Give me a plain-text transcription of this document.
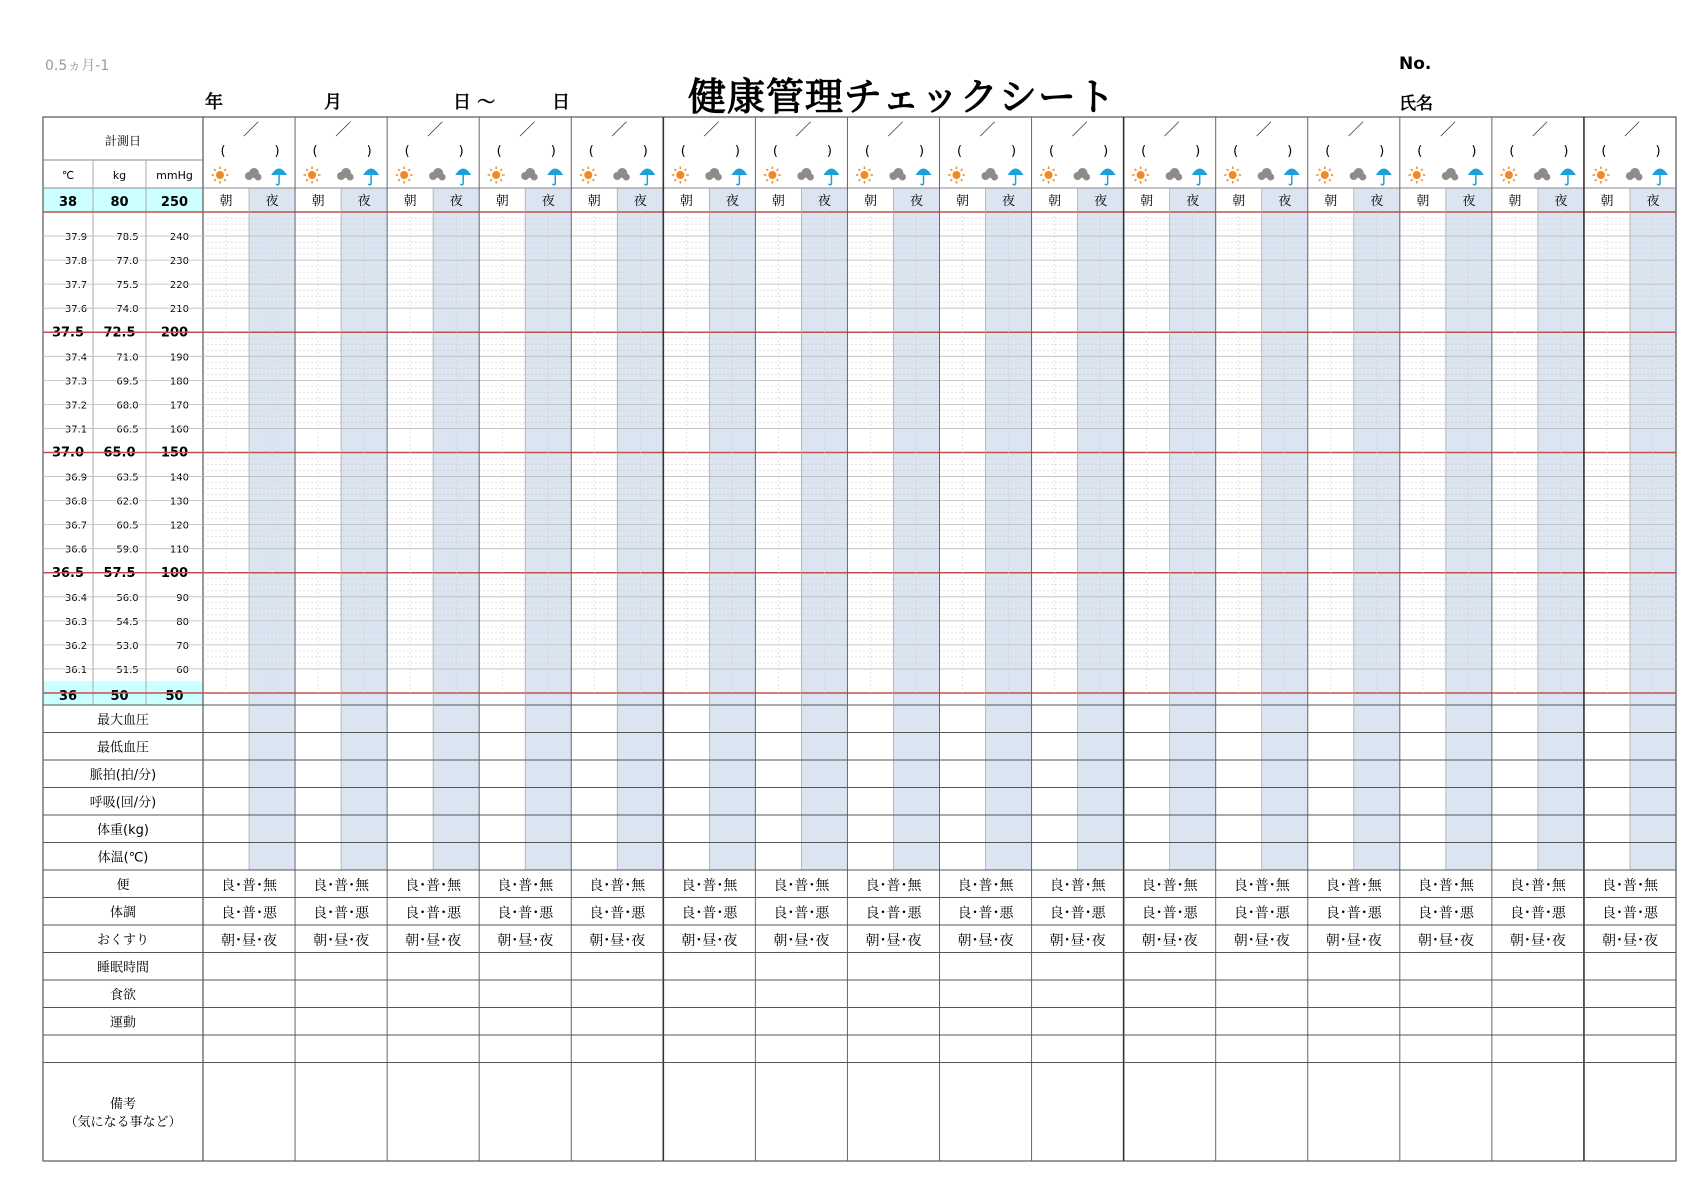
0.5ヵ月-1
年	月	日 〜	日	健康管理チェックシート
No.
氏名
計測日
℃	kg	mmHg
38	80 250
37.9	78.5	240
37.8	77.0	230
37.7	75.5	220
37.6	74.0	210
37.5 72.5 200
37.4	71.0	190
37.3	69.5	180
37.2	68.0	170
37.1	66.5	160
37.0 65.0 150
36.9	63.5	140
36.8	62.0	130
36.7	60.5	120
36.6	59.0	110
36.5 57.5 100
36.4	56.0	90
36.3	54.5	80
36.2	53.0	70
36.1	51.5	60
36	50	50
／
(	)
朝	夜
／
(	)
朝	夜
／
(	)
朝	夜
／
(	)
朝	夜
／
(	)
朝	夜
／
(	)
朝	夜
／
(	)
朝	夜
／
(	)
朝	夜
／
(	)
朝	夜
／
(	)
朝	夜
／
(	)
朝	夜
／
(	)
朝	夜
／
(	)
朝	夜
／
(	)
朝	夜
／
(	)
朝	夜
／
(	)
朝	夜
最大血圧
最低血圧
脈拍(拍/分)
呼吸(回/分)
体重(kg)
体温(℃)
便	良･普･無	良･普･無	良･普･無	良･普･無	良･普･無	良･普･無	良･普･無	良･普･無	良･普･無	良･普･無	良･普･無	良･普･無	良･普･無	良･普･無	良･普･無	良･普･無
体調	良･普･悪	良･普･悪	良･普･悪	良･普･悪	良･普･悪	良･普･悪	良･普･悪	良･普･悪	良･普･悪	良･普･悪	良･普･悪	良･普･悪	良･普･悪	良･普･悪	良･普･悪	良･普･悪
おくすり	朝･昼･夜	朝･昼･夜	朝･昼･夜	朝･昼･夜	朝･昼･夜	朝･昼･夜	朝･昼･夜	朝･昼･夜	朝･昼･夜	朝･昼･夜	朝･昼･夜	朝･昼･夜	朝･昼･夜	朝･昼･夜	朝･昼･夜	朝･昼･夜
睡眠時間
食欲
運動
備考
（気になる事など）
